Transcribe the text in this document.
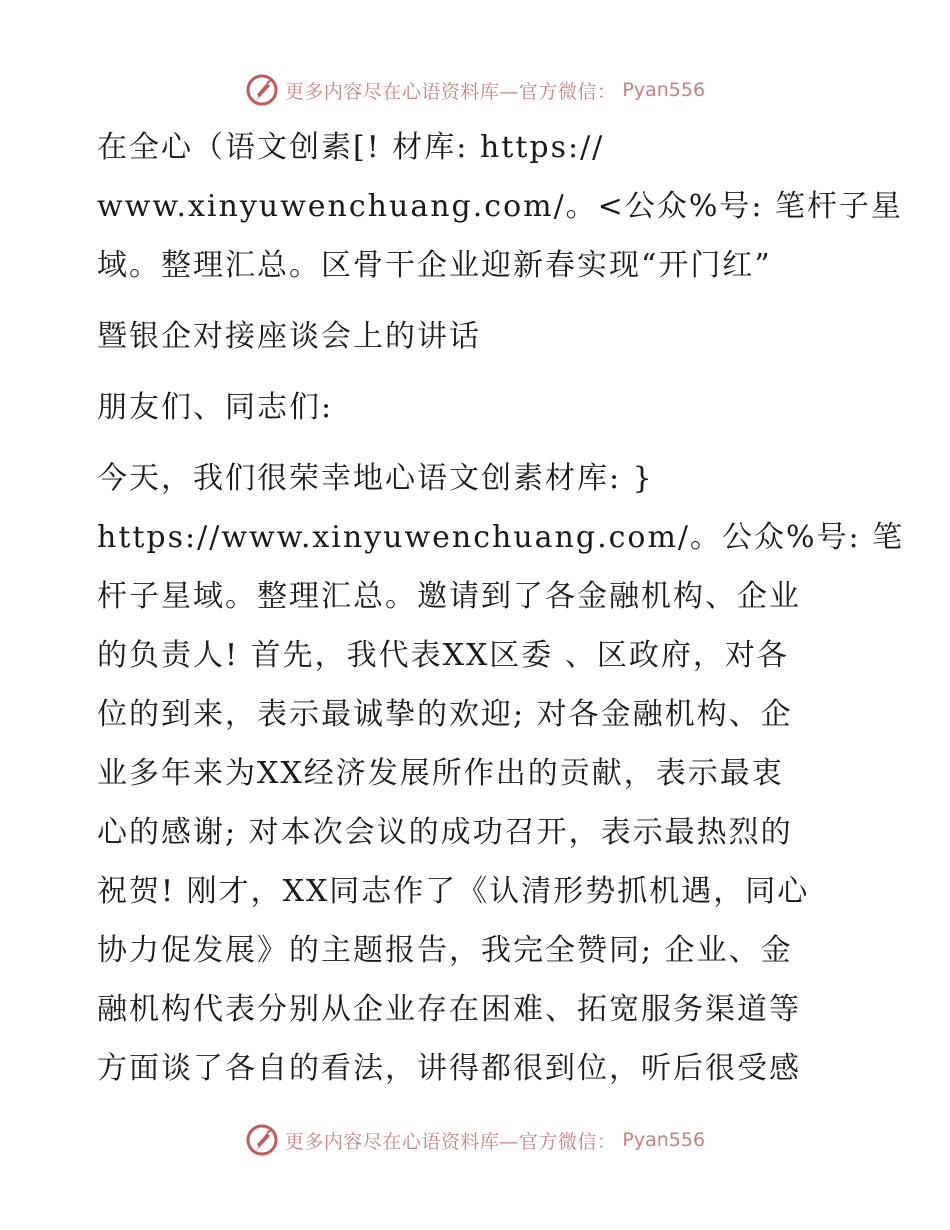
更多内容尽在心语资料库—官方微信： Pyan556
在全心（语文创素[! 材库: https://
www.xinyuwenchuang.com/。<公众%号: 笔杆子星
域。整理汇总。区骨干企业迎新春实现“开门红”
暨银企对接座谈会上的讲话
朋友们、同志们:
今天，我们很荣幸地心语文创素材库: }
https://www.xinyuwenchuang.com/。公众%号: 笔
杆子星域。整理汇总。邀请到了各金融机构、企业
的负责人! 首先，我代表XX区委 、区政府，对各
位的到来，表示最诚挚的欢迎; 对各金融机构、企
业多年来为XX经济发展所作出的贡献，表示最衷
心的感谢; 对本次会议的成功召开，表示最热烈的
祝贺! 刚才，XX同志作了《认清形势抓机遇，同心
协力促发展》的主题报告，我完全赞同; 企业、金
融机构代表分别从企业存在困难、拓宽服务渠道等
方面谈了各自的看法，讲得都很到位，听后很受感
更多内容尽在心语资料库—官方微信： Pyan556
